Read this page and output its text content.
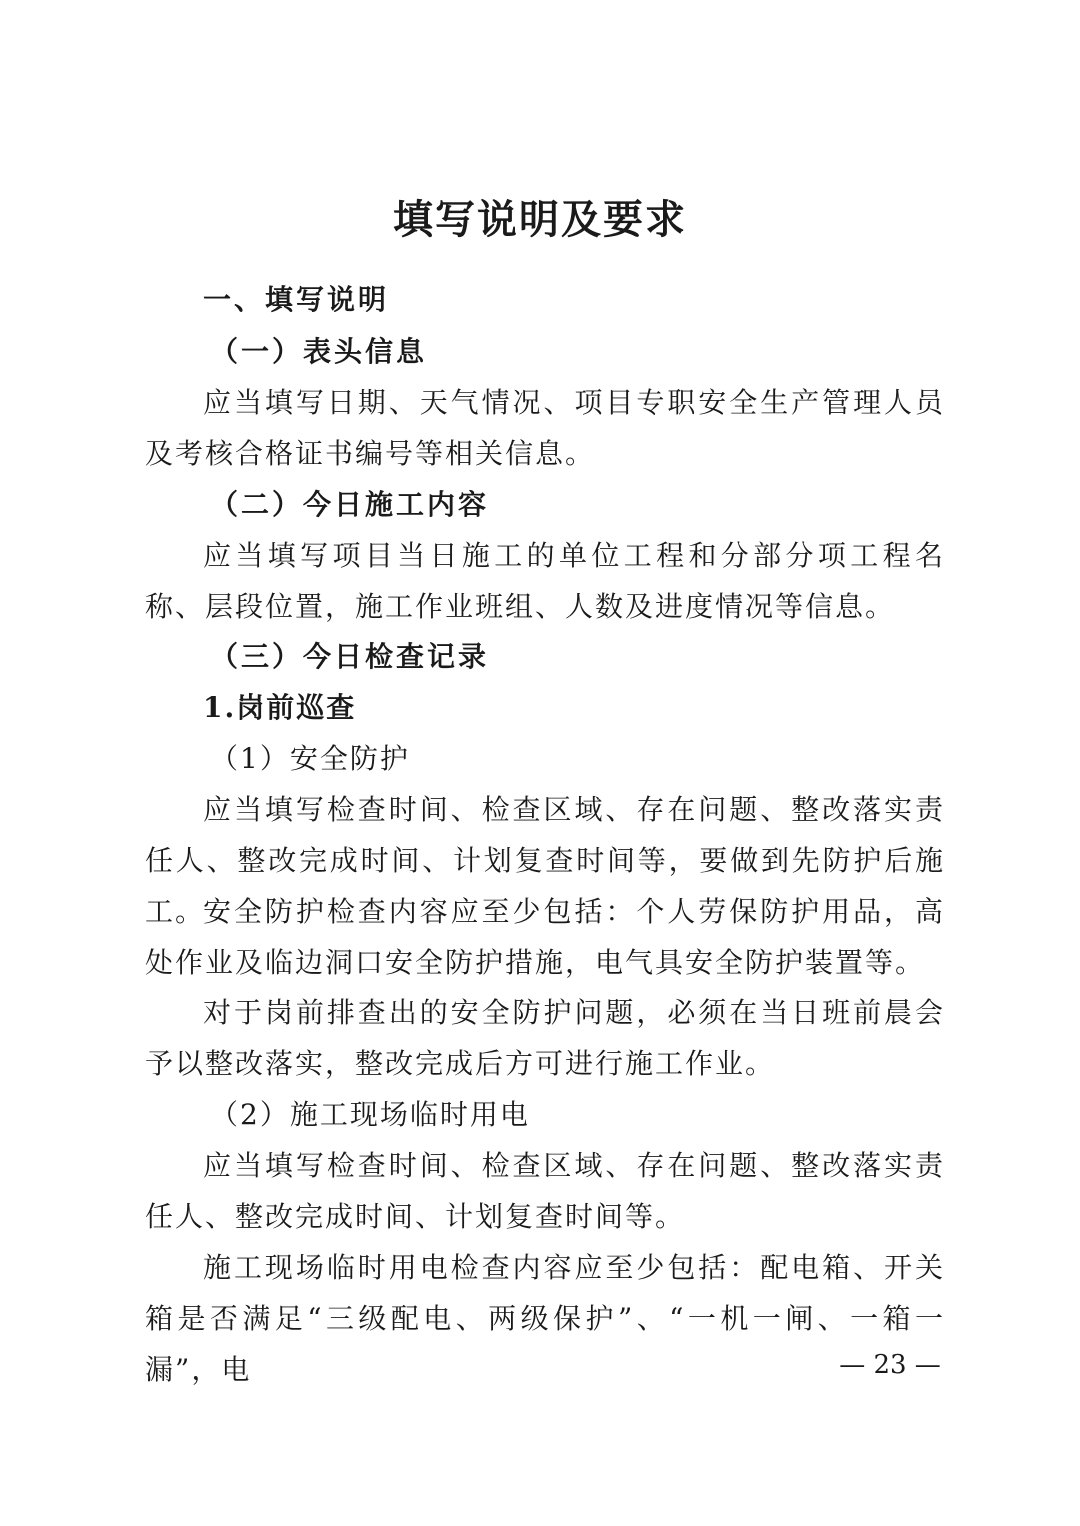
填写说明及要求

一、填写说明

（一）表头信息

应当填写日期、天气情况、项目专职安全生产管理人员及考核合格证书编号等相关信息。

（二）今日施工内容

应当填写项目当日施工的单位工程和分部分项工程名称、层段位置，施工作业班组、人数及进度情况等信息。

（三）今日检查记录

1.岗前巡查

（1）安全防护

应当填写检查时间、检查区域、存在问题、整改落实责任人、整改完成时间、计划复查时间等，要做到先防护后施工。

安全防护检查内容应至少包括：个人劳保防护用品，高处作业及临边洞口安全防护措施，电气具安全防护装置等。

对于岗前排查出的安全防护问题，必须在当日班前晨会予以整改落实，整改完成后方可进行施工作业。

（2）施工现场临时用电

应当填写检查时间、检查区域、存在问题、整改落实责任人、整改完成时间、计划复查时间等。

施工现场临时用电检查内容应至少包括：配电箱、开关箱是否满足“三级配电、两级保护”、“一机一闸、一箱一漏”，电	— 23 —
